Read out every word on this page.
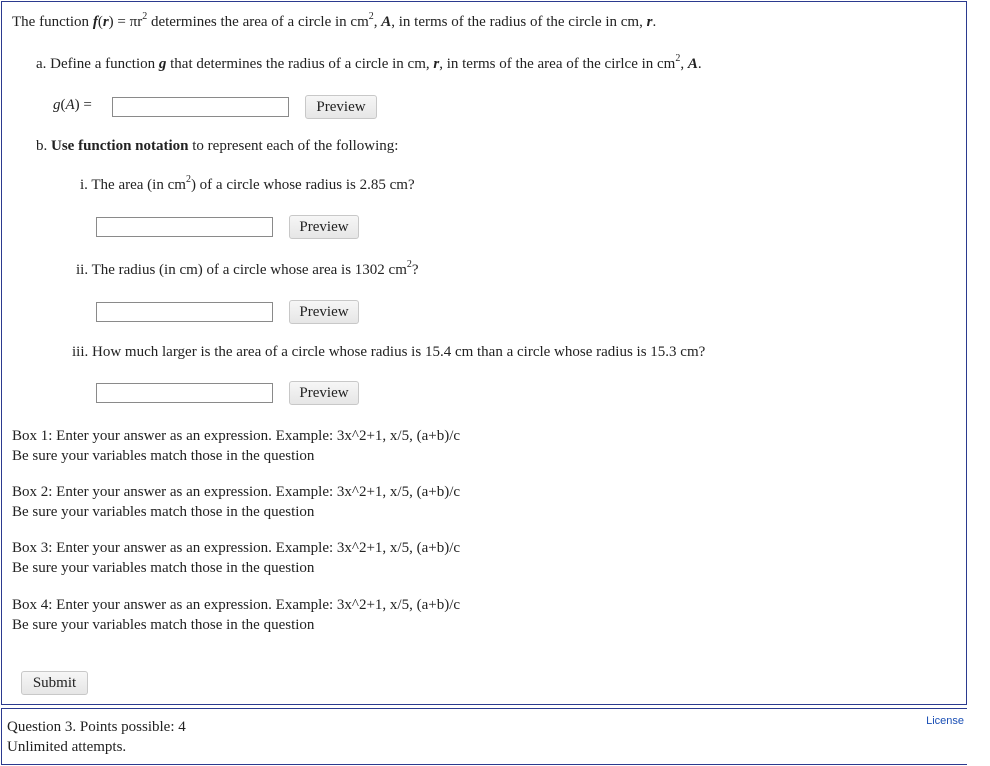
The function $f(r) = \pi r^2$ determines the area of a circle in $cm^2$, A, in terms of the radius of the circle in cm, r.
a. Define a function g that determines the radius of a circle in cm, r, in terms of the area of the cirlce in $cm^2$, A.
g(A) =	Preview
b. Use function notation to represent each of the following:
i. The area (in $cm^2$) of a circle whose radius is 2.85 cm?
Preview
ii. The radius (in cm) of a circle whose area is 1302 $cm^2$?
Preview
iii. How much larger is the area of a circle whose radius is 15.4 cm than a circle whose radius is 15.3 cm?
Preview
Box 1: Enter your answer as an expression. Example: 3x^2+1, x/5, (a+b)/c
Be sure your variables match those in the question
Box 2: Enter your answer as an expression. Example: 3x^2+1, x/5, (a+b)/c
Be sure your variables match those in the question
Box 3: Enter your answer as an expression. Example: 3x^2+1, x/5, (a+b)/c
Be sure your variables match those in the question
Box 4: Enter your answer as an expression. Example: 3x^2+1, x/5, (a+b)/c
Be sure your variables match those in the question
Submit
Question 3. Points possible: 4
Unlimited attempts.
License
